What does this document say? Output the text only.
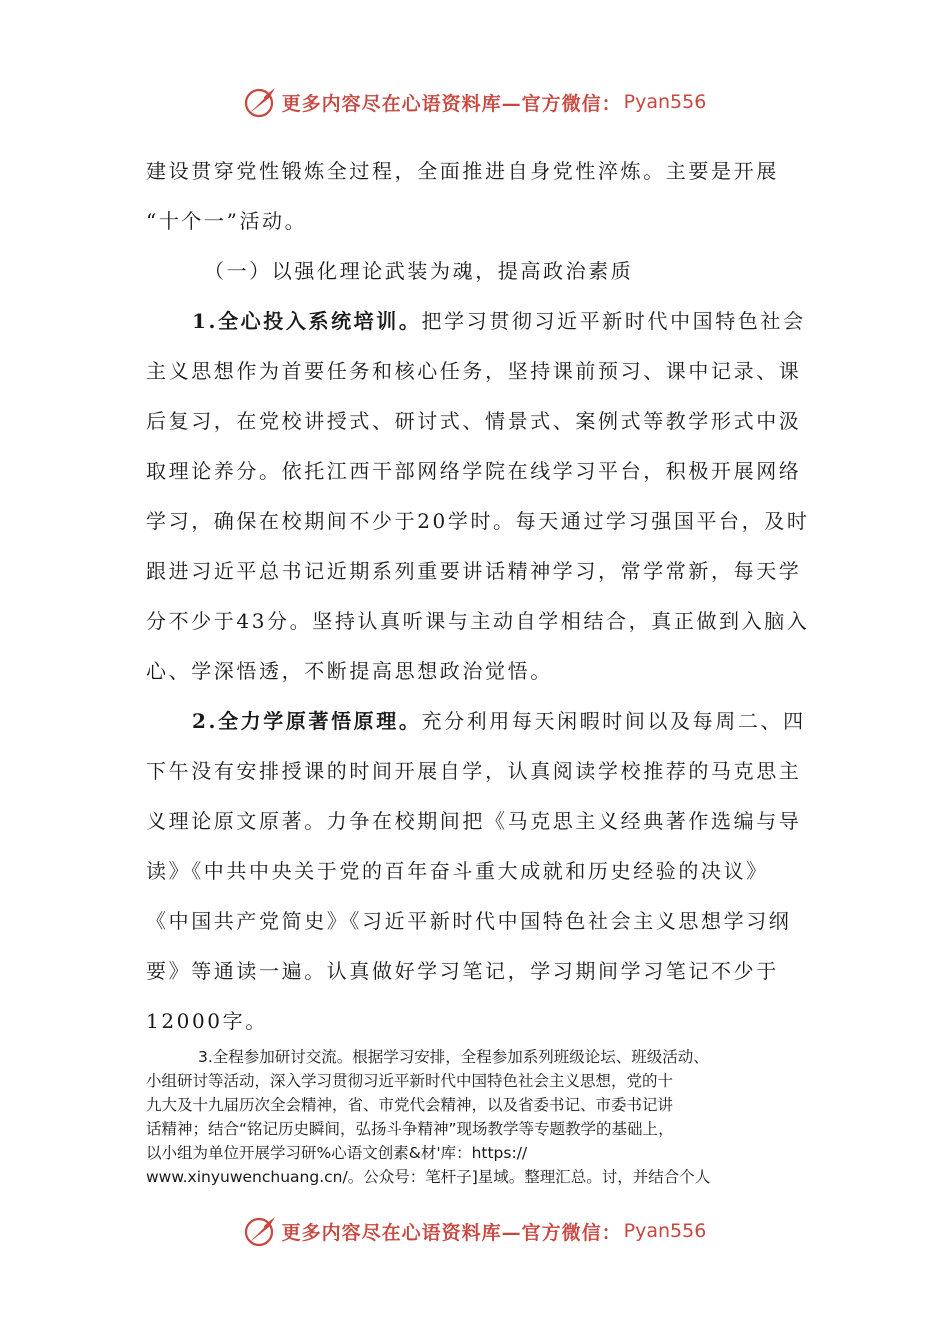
更多内容尽在心语资料库—官方微信： Pyan556
建设贯穿党性锻炼全过程，全面推进自身党性淬炼。主要是开展
“十个一”活动。
（一）以强化理论武装为魂，提高政治素质
1.全心投入系统培训。把学习贯彻习近平新时代中国特色社会
主义思想作为首要任务和核心任务，坚持课前预习、课中记录、课
后复习，在党校讲授式、研讨式、情景式、案例式等教学形式中汲
取理论养分。依托江西干部网络学院在线学习平台，积极开展网络
学习，确保在校期间不少于20学时。每天通过学习强国平台，及时
跟进习近平总书记近期系列重要讲话精神学习，常学常新，每天学
分不少于43分。坚持认真听课与主动自学相结合，真正做到入脑入
心、学深悟透，不断提高思想政治觉悟。
2.全力学原著悟原理。充分利用每天闲暇时间以及每周二、四
下午没有安排授课的时间开展自学，认真阅读学校推荐的马克思主
义理论原文原著。力争在校期间把《马克思主义经典著作选编与导
读》《中共中央关于党的百年奋斗重大成就和历史经验的决议》
《中国共产党简史》《习近平新时代中国特色社会主义思想学习纲
要》等通读一遍。认真做好学习笔记，学习期间学习笔记不少于
12000字。
3.全程参加研讨交流。根据学习安排，全程参加系列班级论坛、班级活动、
小组研讨等活动，深入学习贯彻习近平新时代中国特色社会主义思想，党的十
九大及十九届历次全会精神，省、市党代会精神，以及省委书记、市委书记讲
话精神；结合“铭记历史瞬间，弘扬斗争精神”现场教学等专题教学的基础上，
以小组为单位开展学习研%心语文创素&材'库：https://
www.xinyuwenchuang.cn/。公众号：笔杆子]星域。整理汇总。讨，并结合个人
更多内容尽在心语资料库—官方微信： Pyan556
